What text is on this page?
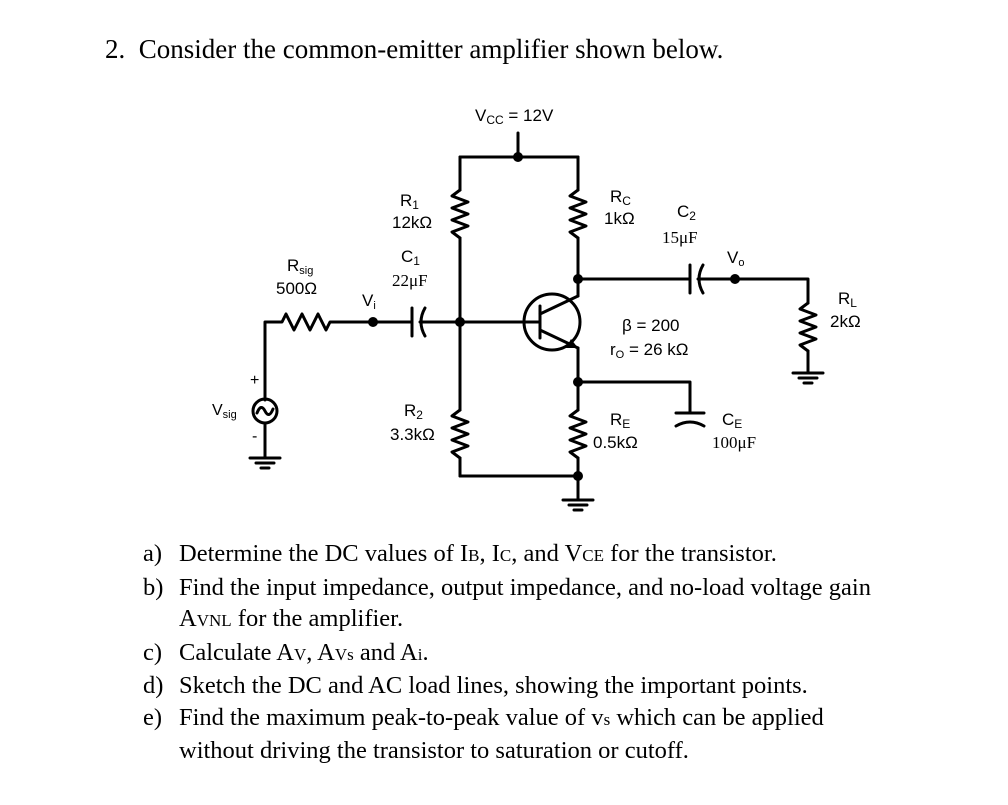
2. Consider the common-emitter amplifier shown below.
VCC = 12V
R1
12kΩ
R2
3.3kΩ
C1
22μF
Vi
Rsig
500Ω
+
-
Vsig
RC
1kΩ C2
15μF
Vo
RL
2kΩ
β = 200
rO = 26 kΩ
RE
0.5kΩ
CE
100μF
a) Determine the DC values of IB, IC, and VCE for the transistor.
b) Find the input impedance, output impedance, and no-load voltage gain
AVNL for the amplifier.
c) Calculate AV, AVs and Ai.
d) Sketch the DC and AC load lines, showing the important points.
e) Find the maximum peak-to-peak value of vs which can be applied
without driving the transistor to saturation or cutoff.
